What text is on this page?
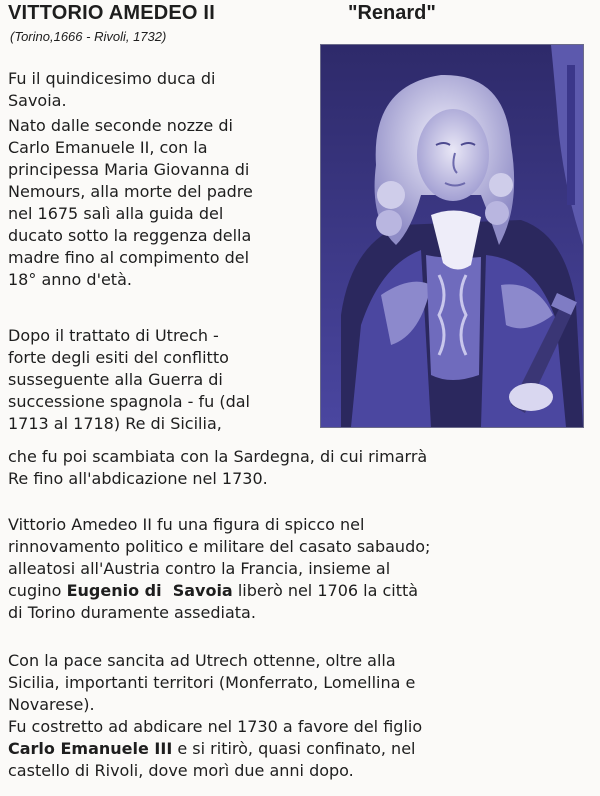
VITTORIO AMEDEO II	"Renard"
(Torino,1666 - Rivoli, 1732)
Fu il quindicesimo duca di
Savoia.
Nato dalle seconde nozze di
Carlo Emanuele II, con la
principessa Maria Giovanna di
Nemours, alla morte del padre
nel 1675 salì alla guida del
ducato sotto la reggenza della
madre fino al compimento del
18° anno d'età.
Dopo il trattato di Utrech -
forte degli esiti del conflitto
susseguente alla Guerra di
successione spagnola - fu (dal
1713 al 1718) Re di Sicilia,
che fu poi scambiata con la Sardegna, di cui rimarrà
Re fino all'abdicazione nel 1730.
Vittorio Amedeo II fu una figura di spicco nel
rinnovamento politico e militare del casato sabaudo;
alleatosi all'Austria contro la Francia, insieme al
cugino Eugenio di  Savoia liberò nel 1706 la città
di Torino duramente assediata.
Con la pace sancita ad Utrech ottenne, oltre alla
Sicilia, importanti territori (Monferrato, Lomellina e
Novarese).
Fu costretto ad abdicare nel 1730 a favore del figlio
Carlo Emanuele III e si ritirò, quasi confinato, nel
castello di Rivoli, dove morì due anni dopo.
